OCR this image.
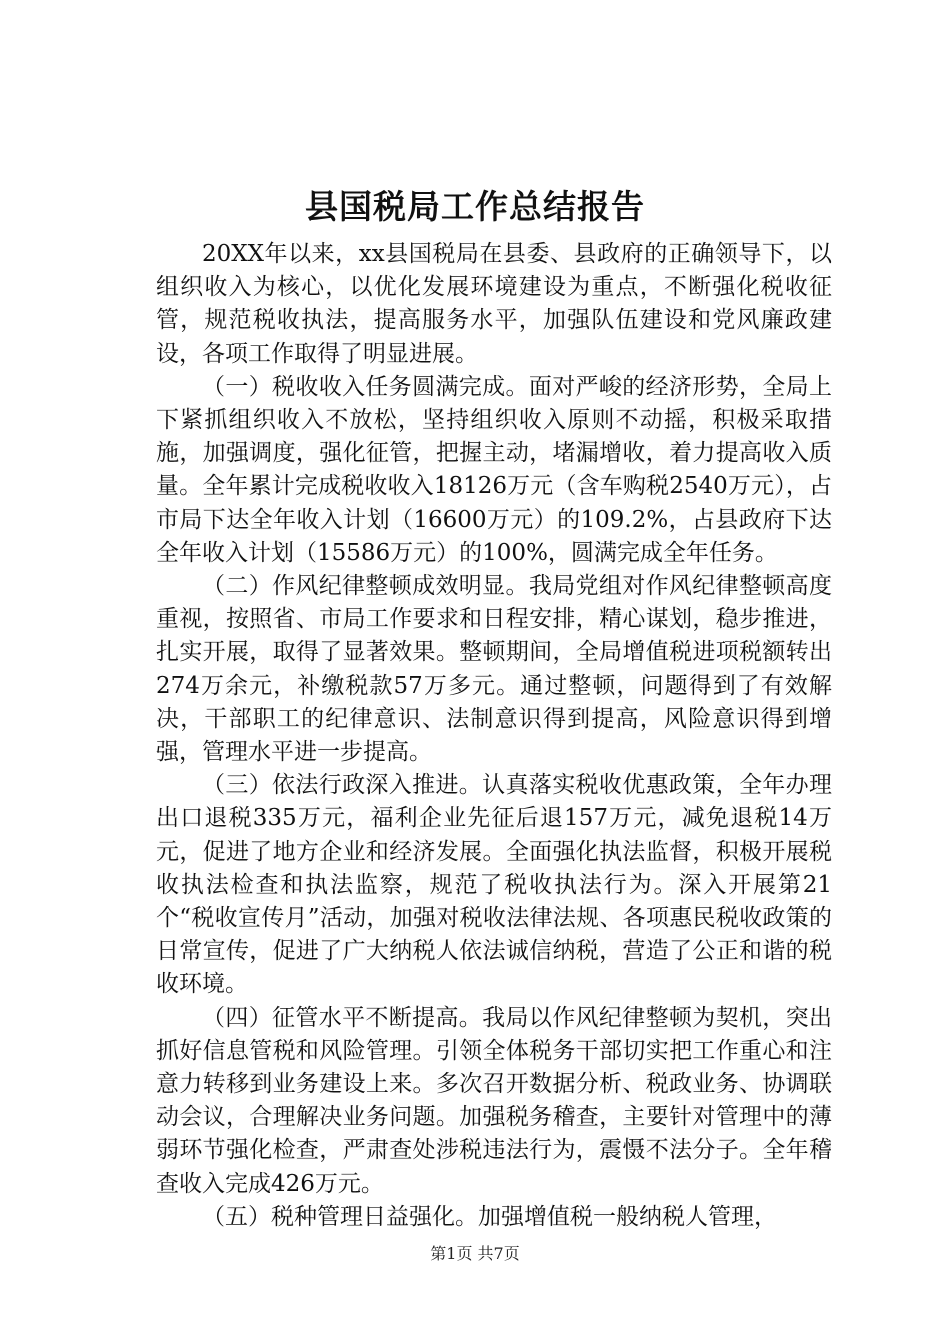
县国税局工作总结报告

20XX年以来，xx县国税局在县委、县政府的正确领导下，以组织收入为核心，以优化发展环境建设为重点，不断强化税收征管，规范税收执法，提高服务水平，加强队伍建设和党风廉政建设，各项工作取得了明显进展。

（一）税收收入任务圆满完成。面对严峻的经济形势，全局上下紧抓组织收入不放松，坚持组织收入原则不动摇，积极采取措施，加强调度，强化征管，把握主动，堵漏增收，着力提高收入质量。全年累计完成税收收入18126万元（含车购税2540万元），占市局下达全年收入计划（16600万元）的109.2%，占县政府下达全年收入计划（15586万元）的100%，圆满完成全年任务。

（二）作风纪律整顿成效明显。我局党组对作风纪律整顿高度重视，按照省、市局工作要求和日程安排，精心谋划，稳步推进，扎实开展，取得了显著效果。整顿期间，全局增值税进项税额转出274万余元，补缴税款57万多元。通过整顿，问题得到了有效解决，干部职工的纪律意识、法制意识得到提高，风险意识得到增强，管理水平进一步提高。

（三）依法行政深入推进。认真落实税收优惠政策，全年办理出口退税335万元，福利企业先征后退157万元，减免退税14万元，促进了地方企业和经济发展。全面强化执法监督，积极开展税收执法检查和执法监察，规范了税收执法行为。深入开展第21个“税收宣传月”活动，加强对税收法律法规、各项惠民税收政策的日常宣传，促进了广大纳税人依法诚信纳税，营造了公正和谐的税收环境。

（四）征管水平不断提高。我局以作风纪律整顿为契机，突出抓好信息管税和风险管理。引领全体税务干部切实把工作重心和注意力转移到业务建设上来。多次召开数据分析、税政业务、协调联动会议，合理解决业务问题。加强税务稽查，主要针对管理中的薄弱环节强化检查，严肃查处涉税违法行为，震慑不法分子。全年稽查收入完成426万元。

（五）税种管理日益强化。加强增值税一般纳税人管理，

第1页 共7页
